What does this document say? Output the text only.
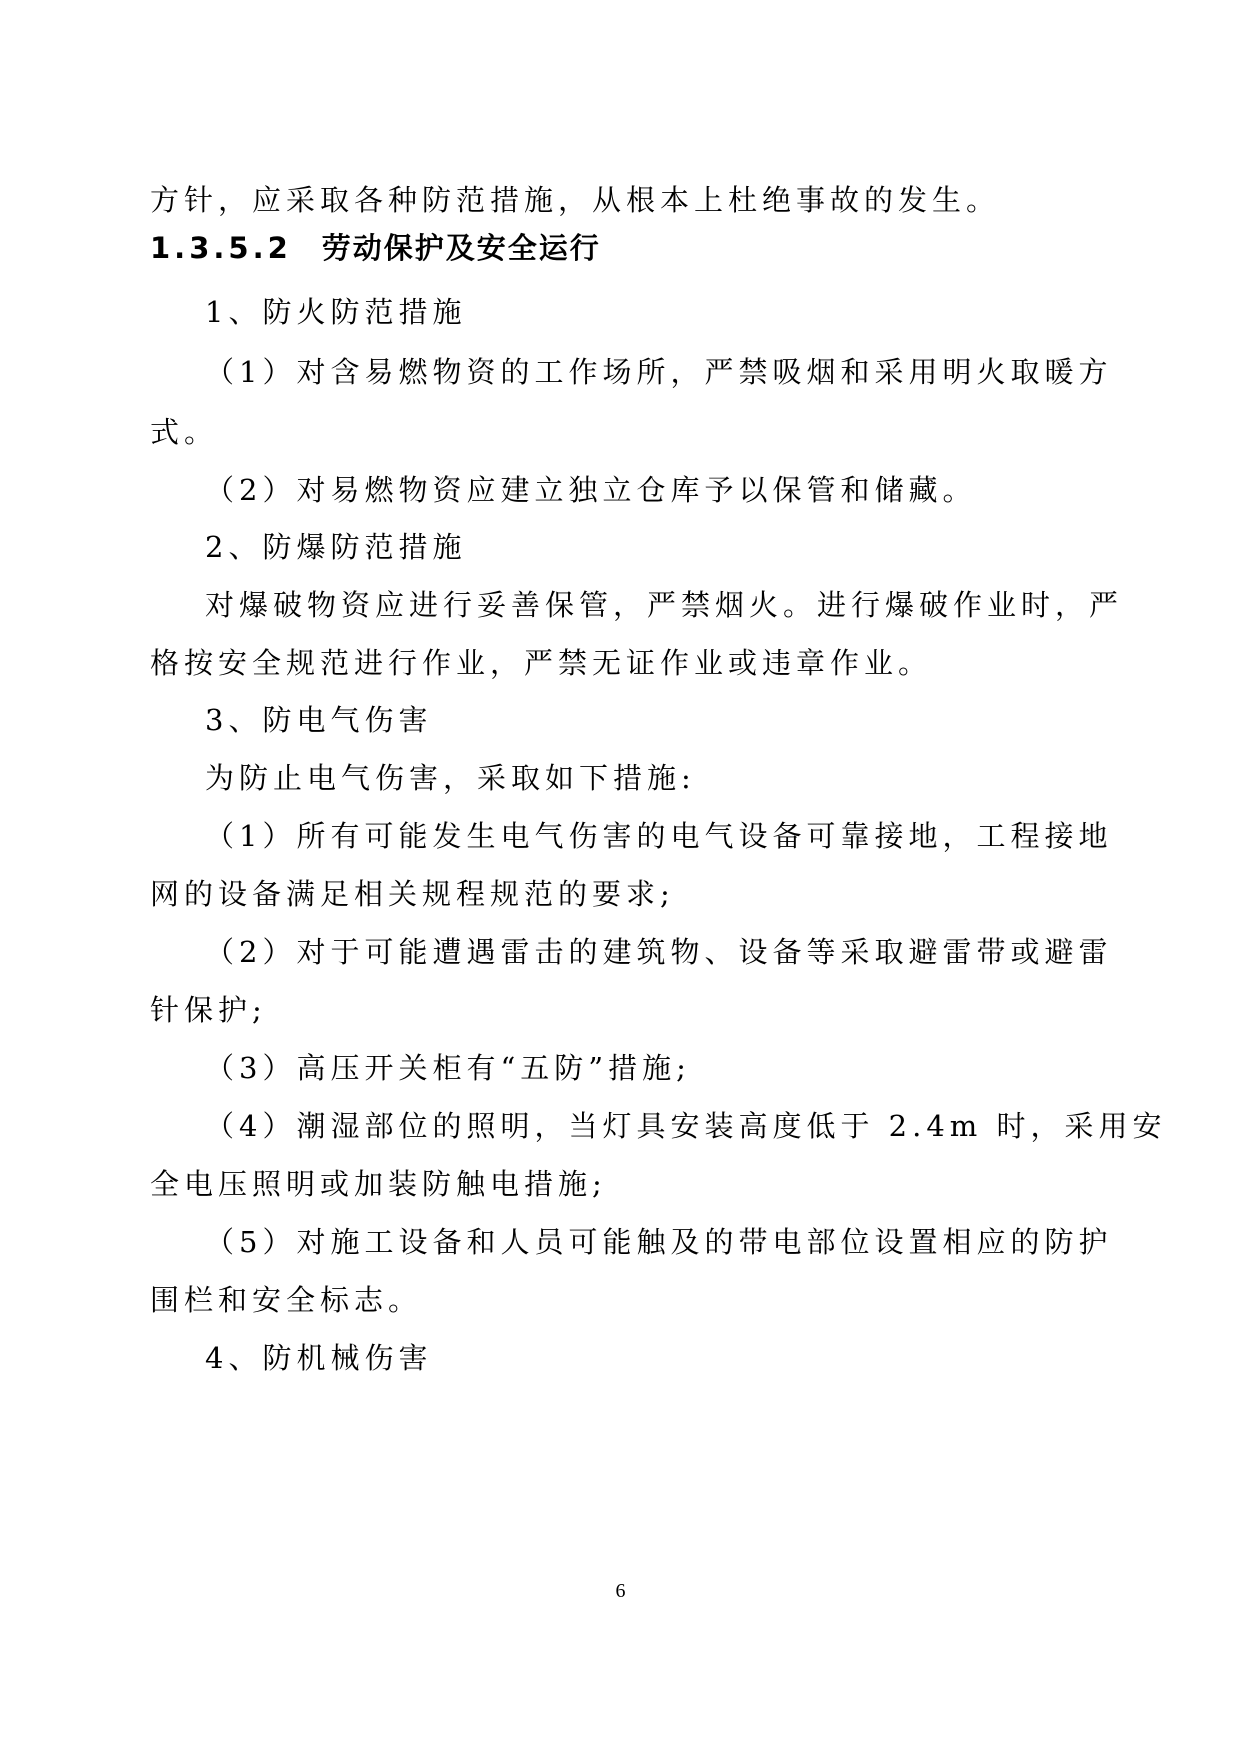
方针，应采取各种防范措施，从根本上杜绝事故的发生。
1.3.5.2 劳动保护及安全运行
1、防火防范措施
（1）对含易燃物资的工作场所，严禁吸烟和采用明火取暖方
式。
（2）对易燃物资应建立独立仓库予以保管和储藏。
2、防爆防范措施
对爆破物资应进行妥善保管，严禁烟火。进行爆破作业时，严
格按安全规范进行作业，严禁无证作业或违章作业。
3、防电气伤害
为防止电气伤害，采取如下措施:
（1）所有可能发生电气伤害的电气设备可靠接地，工程接地
网的设备满足相关规程规范的要求;
（2）对于可能遭遇雷击的建筑物、设备等采取避雷带或避雷
针保护;
（3）高压开关柜有“五防”措施;
（4）潮湿部位的照明，当灯具安装高度低于 2.4m 时，采用安
全电压照明或加装防触电措施;
（5）对施工设备和人员可能触及的带电部位设置相应的防护
围栏和安全标志。
4、防机械伤害
6
